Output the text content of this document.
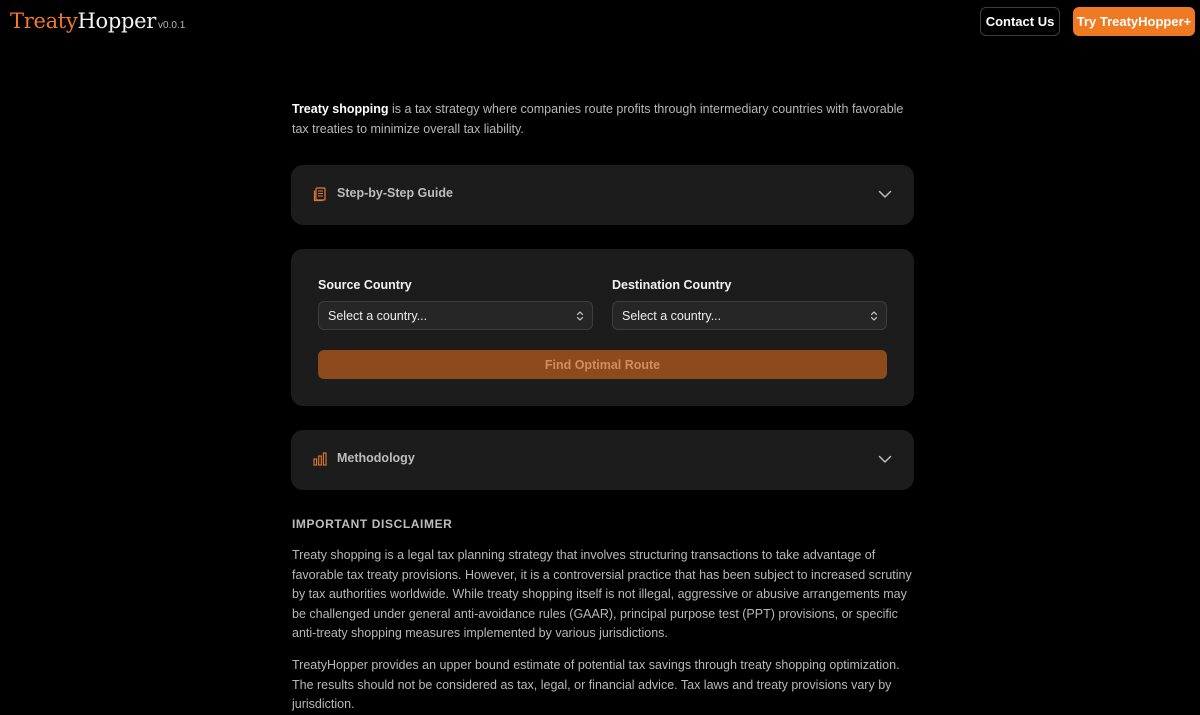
TreatyHopper v0.0.1	Contact Us	Try TreatyHopper+
Treaty shopping is a tax strategy where companies route profits through intermediary countries with favorable tax treaties to minimize overall tax liability.
Step-by-Step Guide
Source Country
Select a country...
Destination Country
Select a country...
Find Optimal Route
Methodology
IMPORTANT DISCLAIMER

Treaty shopping is a legal tax planning strategy that involves structuring transactions to take advantage of favorable tax treaty provisions. However, it is a controversial practice that has been subject to increased scrutiny by tax authorities worldwide. While treaty shopping itself is not illegal, aggressive or abusive arrangements may be challenged under general anti-avoidance rules (GAAR), principal purpose test (PPT) provisions, or specific anti-treaty shopping measures implemented by various jurisdictions.

TreatyHopper provides an upper bound estimate of potential tax savings through treaty shopping optimization. The results should not be considered as tax, legal, or financial advice. Tax laws and treaty provisions vary by jurisdiction.
